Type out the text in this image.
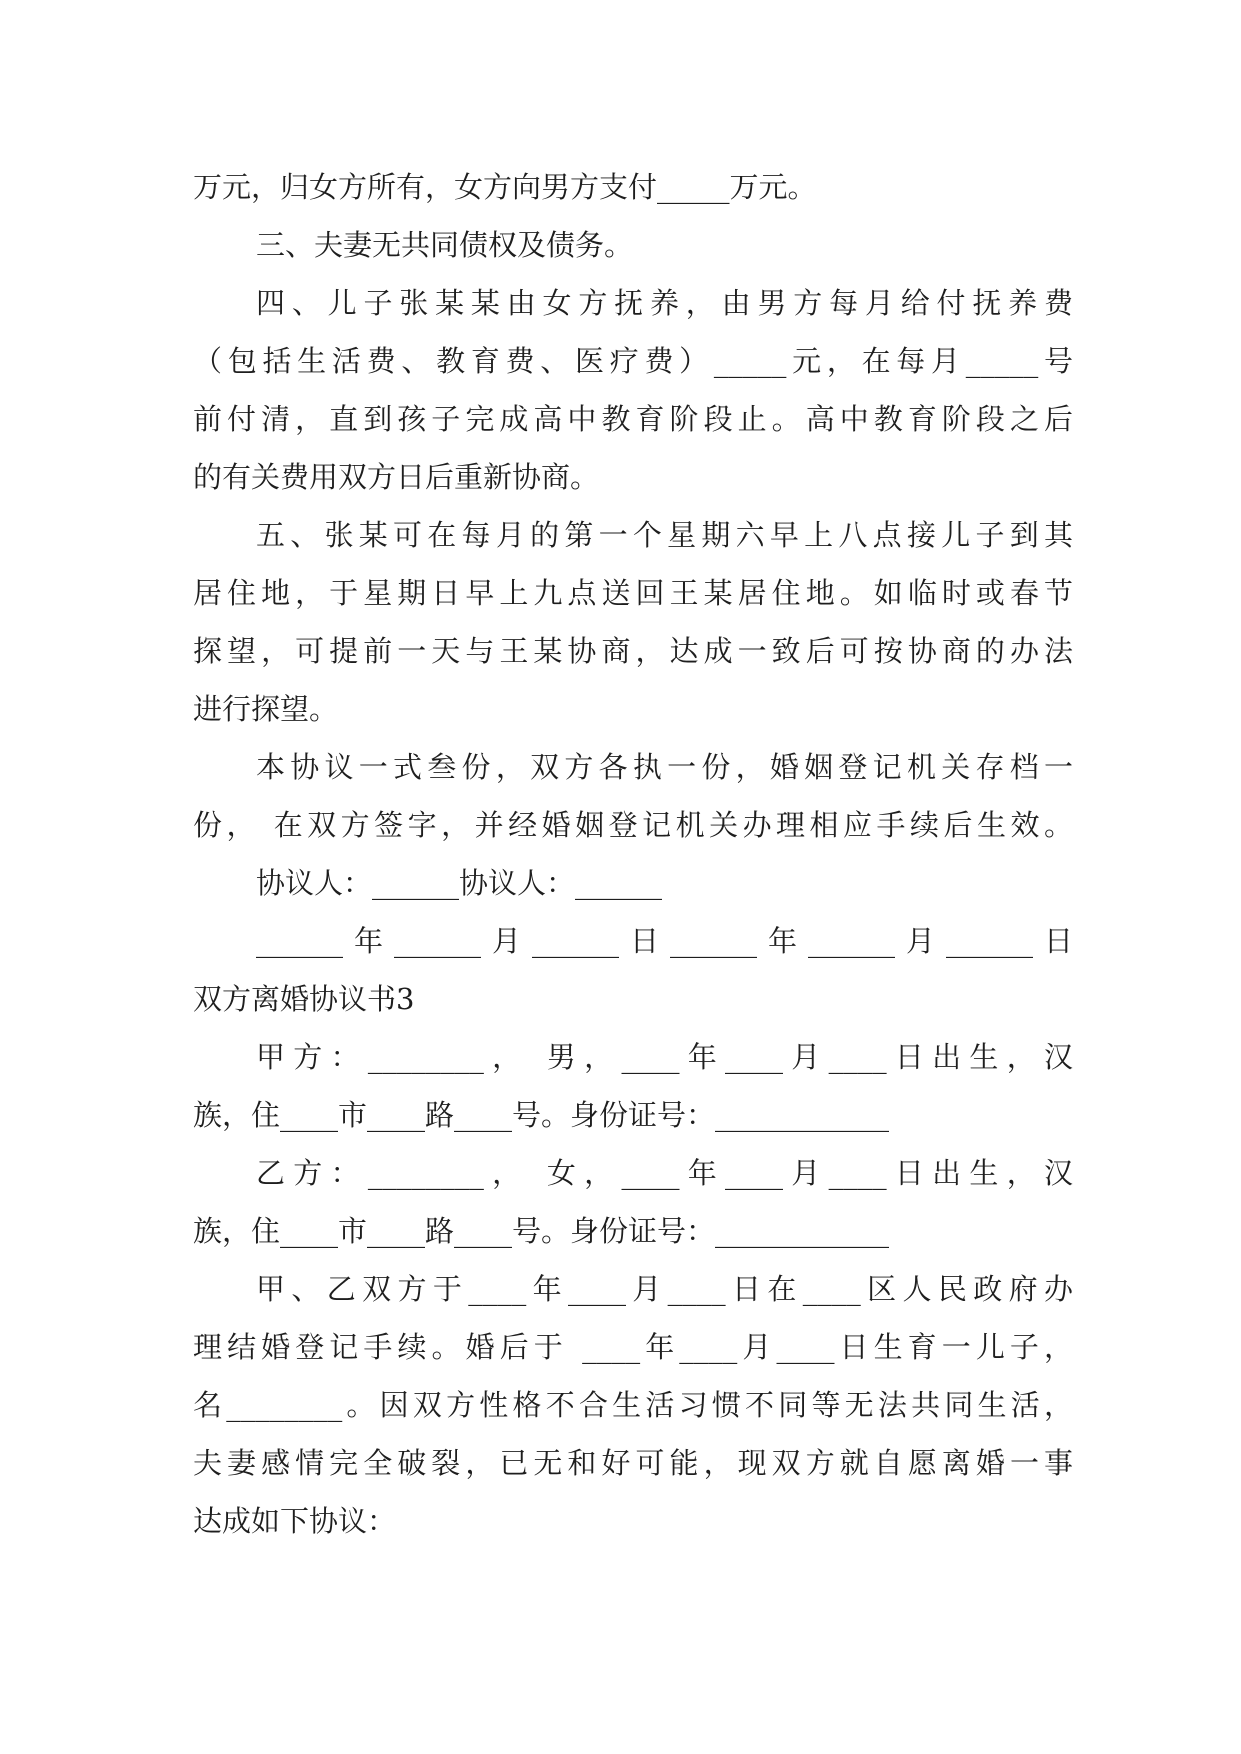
万元，归女方所有，女方向男方支付_____万元。
三、夫妻无共同债权及债务。
四、儿子张某某由女方抚养，由男方每月给付抚养费
（包括生活费、教育费、医疗费）_____元，在每月_____号
前付清，直到孩子完成高中教育阶段止。高中教育阶段之后
的有关费用双方日后重新协商。
五、张某可在每月的第一个星期六早上八点接儿子到其
居住地，于星期日早上九点送回王某居住地。如临时或春节
探望，可提前一天与王某协商，达成一致后可按协商的办法
进行探望。
本协议一式叁份，双方各执一份，婚姻登记机关存档一
份， 在双方签字，并经婚姻登记机关办理相应手续后生效。
协议人：______协议人：______
______年______月______日______年______月______日
双方离婚协议书3
甲方：________， 男，____年____月____日出生，汉
族，住____市____路____号。身份证号：____________
乙方：________， 女，____年____月____日出生，汉
族，住____市____路____号。身份证号：____________
甲、乙双方于____年____月____日在____区人民政府办
理结婚登记手续。婚后于 ____年____月____日生育一儿子，
名________。因双方性格不合生活习惯不同等无法共同生活，
夫妻感情完全破裂，已无和好可能，现双方就自愿离婚一事
达成如下协议：
